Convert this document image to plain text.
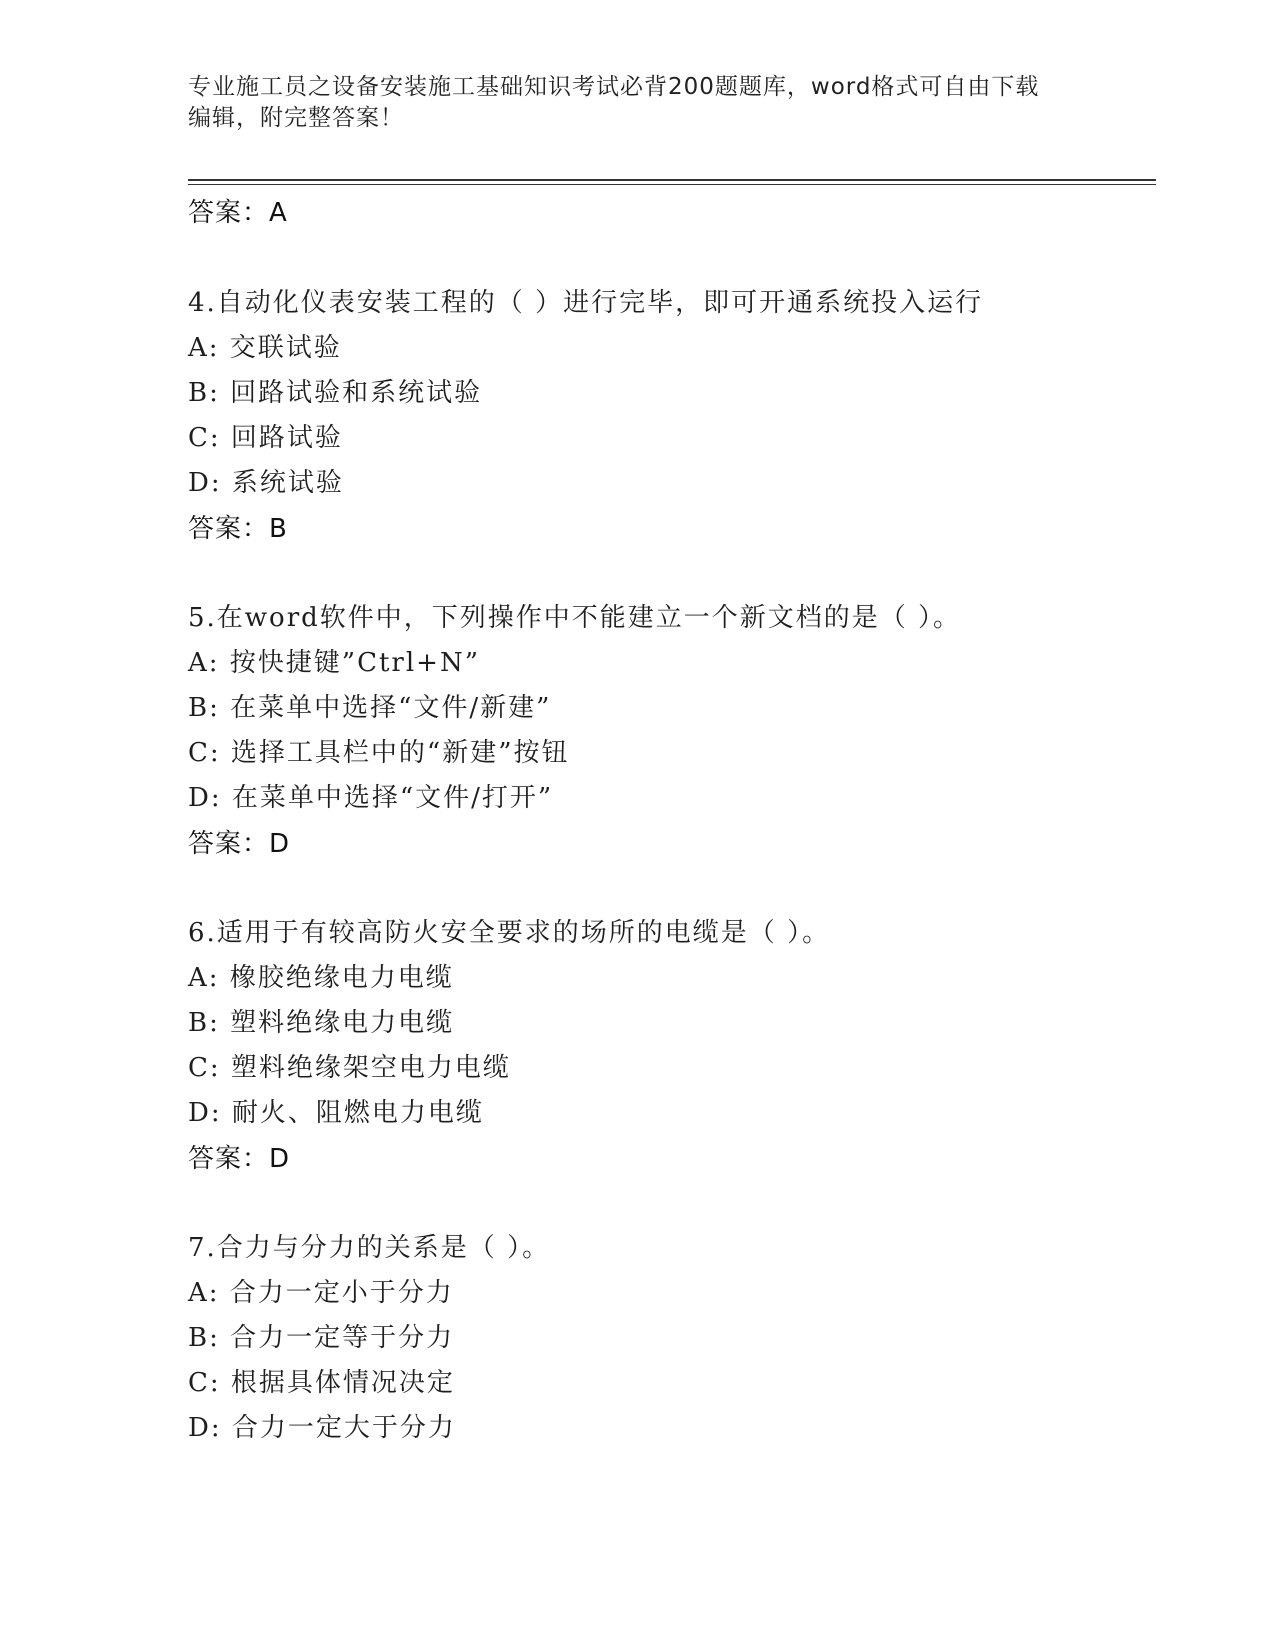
专业施工员之设备安装施工基础知识考试必背200题题库，word格式可自由下载
编辑，附完整答案！
答案：A
4.自动化仪表安装工程的（ ）进行完毕，即可开通系统投入运行
A: 交联试验
B: 回路试验和系统试验
C: 回路试验
D: 系统试验
答案：B
5.在word软件中，下列操作中不能建立一个新文档的是（ ）。
A: 按快捷键”Ctrl+N”
B: 在菜单中选择“文件/新建”
C: 选择工具栏中的“新建”按钮
D: 在菜单中选择“文件/打开”
答案：D
6.适用于有较高防火安全要求的场所的电缆是（ ）。
A: 橡胶绝缘电力电缆
B: 塑料绝缘电力电缆
C: 塑料绝缘架空电力电缆
D: 耐火、阻燃电力电缆
答案：D
7.合力与分力的关系是（ ）。
A: 合力一定小于分力
B: 合力一定等于分力
C: 根据具体情况决定
D: 合力一定大于分力
